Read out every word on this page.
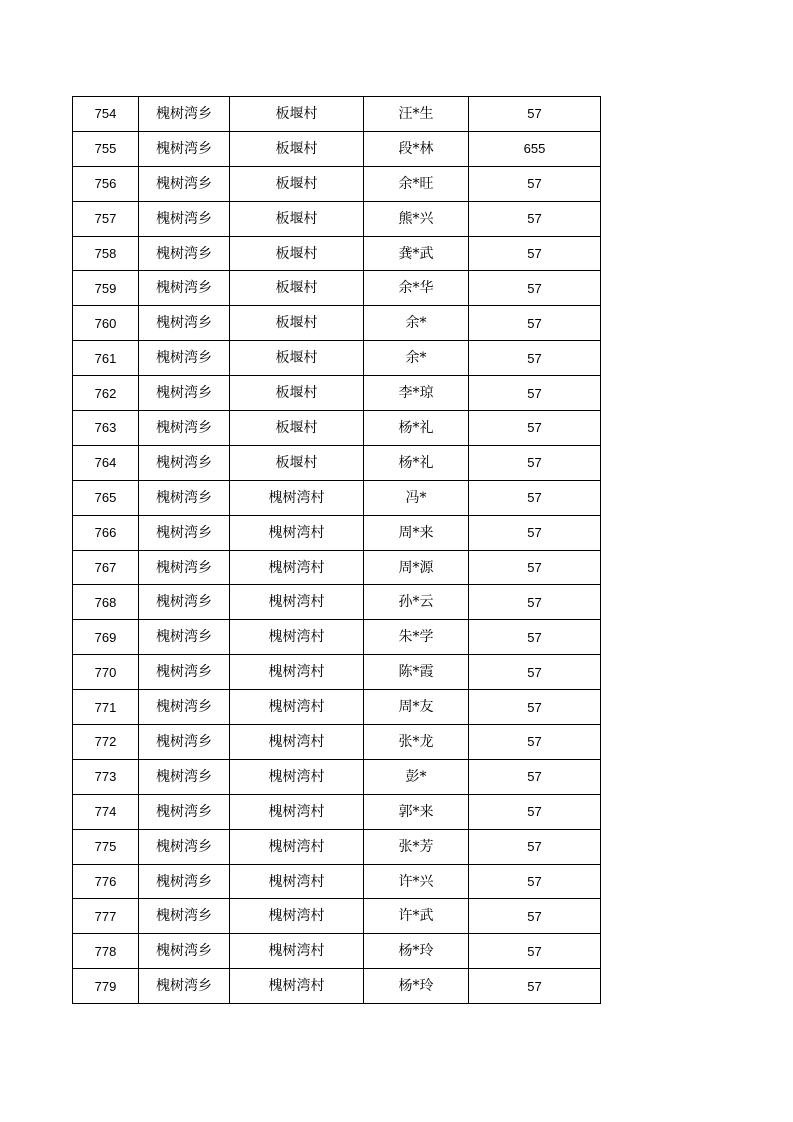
754	槐树湾乡	板堰村	汪*生	57
755	槐树湾乡	板堰村	段*林	655
756	槐树湾乡	板堰村	余*旺	57
757	槐树湾乡	板堰村	熊*兴	57
758	槐树湾乡	板堰村	龚*武	57
759	槐树湾乡	板堰村	余*华	57
760	槐树湾乡	板堰村	余*	57
761	槐树湾乡	板堰村	余*	57
762	槐树湾乡	板堰村	李*琼	57
763	槐树湾乡	板堰村	杨*礼	57
764	槐树湾乡	板堰村	杨*礼	57
765	槐树湾乡	槐树湾村	冯*	57
766	槐树湾乡	槐树湾村	周*来	57
767	槐树湾乡	槐树湾村	周*源	57
768	槐树湾乡	槐树湾村	孙*云	57
769	槐树湾乡	槐树湾村	朱*学	57
770	槐树湾乡	槐树湾村	陈*霞	57
771	槐树湾乡	槐树湾村	周*友	57
772	槐树湾乡	槐树湾村	张*龙	57
773	槐树湾乡	槐树湾村	彭*	57
774	槐树湾乡	槐树湾村	郭*来	57
775	槐树湾乡	槐树湾村	张*芳	57
776	槐树湾乡	槐树湾村	许*兴	57
777	槐树湾乡	槐树湾村	许*武	57
778	槐树湾乡	槐树湾村	杨*玲	57
779	槐树湾乡	槐树湾村	杨*玲	57
